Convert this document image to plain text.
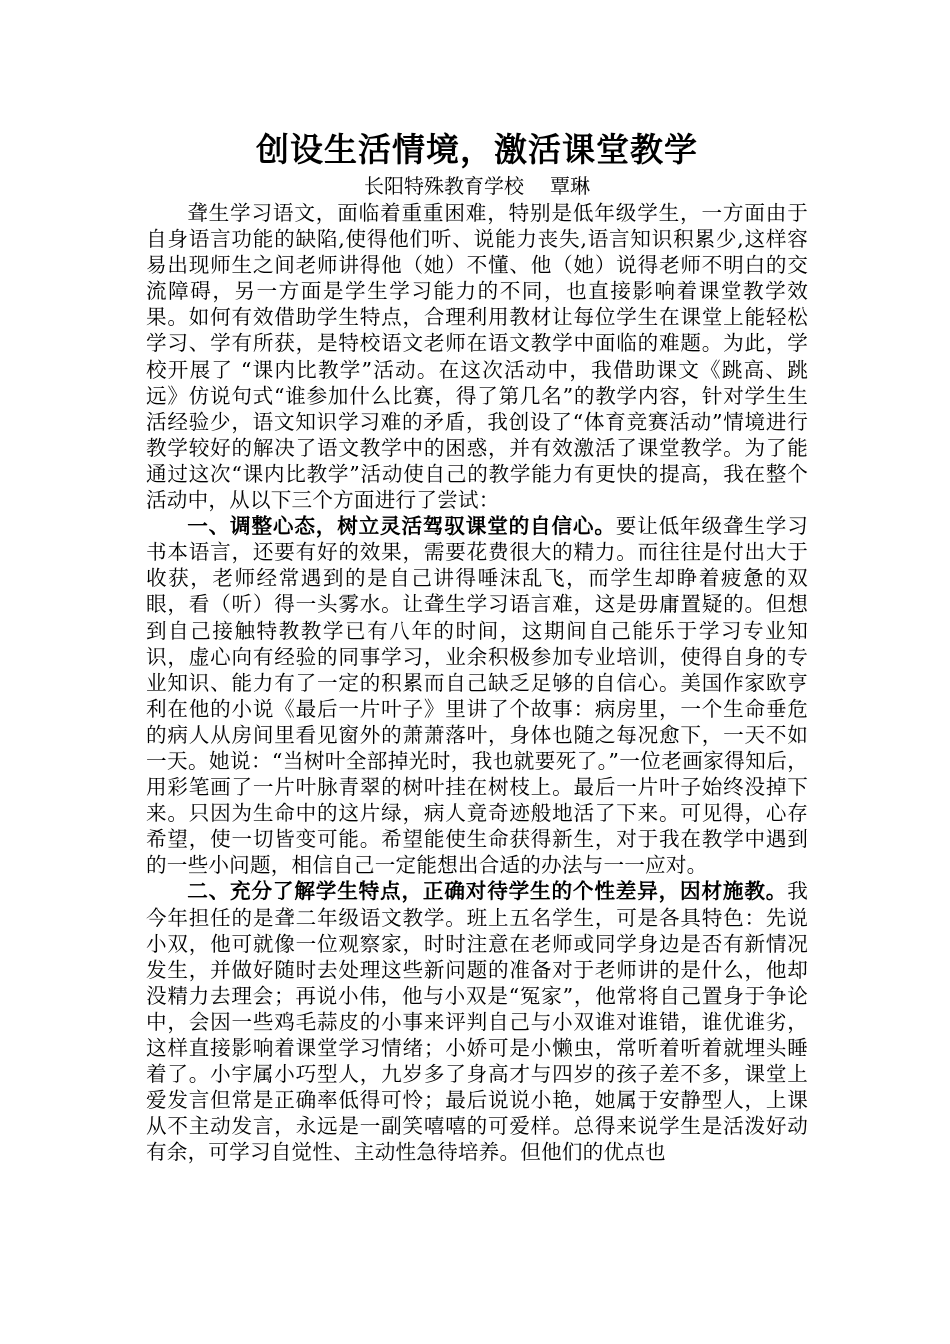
创设生活情境，激活课堂教学

长阳特殊教育学校 覃琳

聋生学习语文，面临着重重困难，特别是低年级学生，一方面由于自身语言功能的缺陷,使得他们听、说能力丧失,语言知识积累少,这样容易出现师生之间老师讲得他（她）不懂、他（她）说得老师不明白的交流障碍，另一方面是学生学习能力的不同，也直接影响着课堂教学效果。如何有效借助学生特点，合理利用教材让每位学生在课堂上能轻松学习、学有所获，是特校语文老师在语文教学中面临的难题。为此，学校开展了 “课内比教学”活动。在这次活动中，我借助课文《跳高、跳远》仿说句式“谁参加什么比赛，得了第几名”的教学内容，针对学生生活经验少，语文知识学习难的矛盾，我创设了“体育竞赛活动”情境进行教学较好的解决了语文教学中的困惑，并有效激活了课堂教学。为了能通过这次“课内比教学”活动使自己的教学能力有更快的提高，我在整个活动中，从以下三个方面进行了尝试：

一、调整心态，树立灵活驾驭课堂的自信心。要让低年级聋生学习书本语言，还要有好的效果，需要花费很大的精力。而往往是付出大于收获，老师经常遇到的是自己讲得唾沫乱飞，而学生却睁着疲惫的双眼，看（听）得一头雾水。让聋生学习语言难，这是毋庸置疑的。但想到自己接触特教教学已有八年的时间，这期间自己能乐于学习专业知识，虚心向有经验的同事学习，业余积极参加专业培训，使得自身的专业知识、能力有了一定的积累而自己缺乏足够的自信心。美国作家欧亨利在他的小说《最后一片叶子》里讲了个故事：病房里，一个生命垂危的病人从房间里看见窗外的萧萧落叶，身体也随之每况愈下，一天不如一天。她说：“当树叶全部掉光时，我也就要死了。”一位老画家得知后，用彩笔画了一片叶脉青翠的树叶挂在树枝上。最后一片叶子始终没掉下来。只因为生命中的这片绿，病人竟奇迹般地活了下来。可见得，心存希望，使一切皆变可能。希望能使生命获得新生，对于我在教学中遇到的一些小问题，相信自己一定能想出合适的办法与一一应对。

二、充分了解学生特点，正确对待学生的个性差异，因材施教。我今年担任的是聋二年级语文教学。班上五名学生，可是各具特色：先说小双，他可就像一位观察家，时时注意在老师或同学身边是否有新情况发生，并做好随时去处理这些新问题的准备对于老师讲的是什么，他却没精力去理会；再说小伟，他与小双是“冤家”，他常将自己置身于争论中，会因一些鸡毛蒜皮的小事来评判自己与小双谁对谁错，谁优谁劣，这样直接影响着课堂学习情绪；小娇可是小懒虫，常听着听着就埋头睡着了。小宇属小巧型人，九岁多了身高才与四岁的孩子差不多，课堂上爱发言但常是正确率低得可怜；最后说说小艳，她属于安静型人，上课从不主动发言，永远是一副笑嘻嘻的可爱样。总得来说学生是活泼好动有余，可学习自觉性、主动性急待培养。但他们的优点也
